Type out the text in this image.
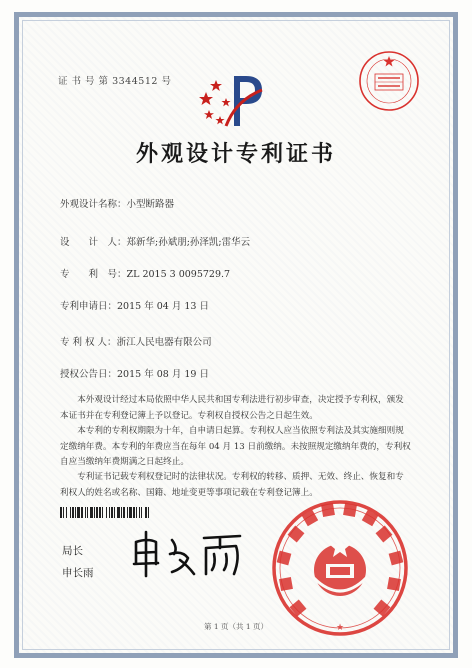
证 书 号 第 3344512 号
外观设计专利证书
外观设计名称：小型断路器
设　　计　人：郑新华;孙斌朋;孙泽凯;雷华云
专　　利　号：ZL 2015 3 0095729.7
专利申请日：2015 年 04 月 13 日
专 利 权 人：浙江人民电器有限公司
授权公告日：2015 年 08 月 19 日
本外观设计经过本局依照中华人民共和国专利法进行初步审查，决定授予专利权，颁发本证书并在专利登记簿上予以登记。专利权自授权公告之日起生效。
本专利的专利权期限为十年，自申请日起算。专利权人应当依照专利法及其实施细则规定缴纳年费。本专利的年费应当在每年 04 月 13 日前缴纳。未按照规定缴纳年费的，专利权自应当缴纳年费期满之日起终止。
专利证书记载专利权登记时的法律状况。专利权的转移、质押、无效、终止、恢复和专利权人的姓名或名称、国籍、地址变更等事项记载在专利登记簿上。
局长
申长雨
★
第 1 页（共 1 页）
